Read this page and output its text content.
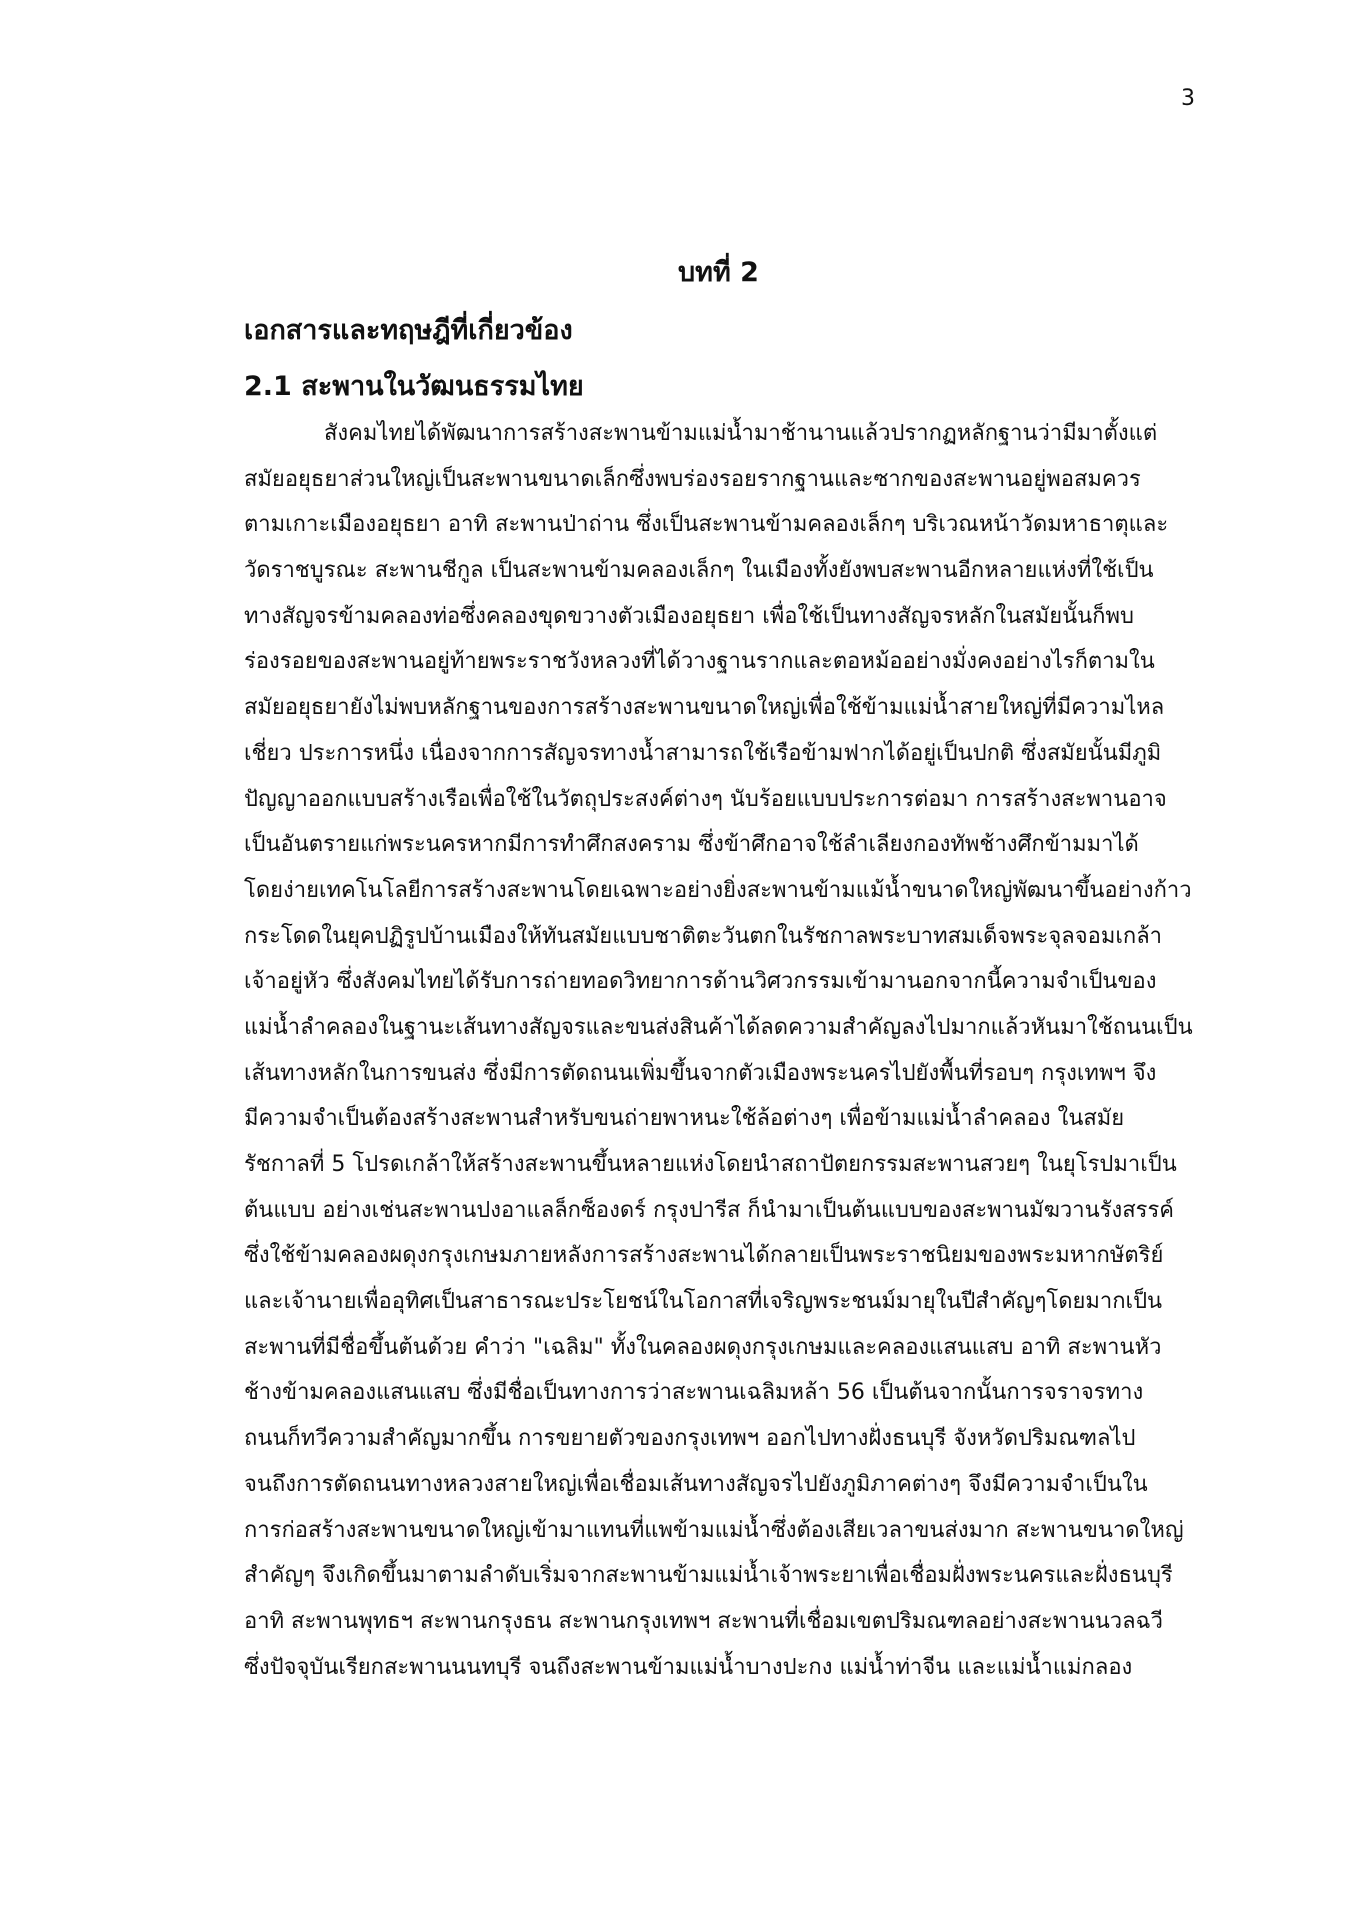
3
บทที่ 2
เอกสารและทฤษฎีที่เกี่ยวข้อง
2.1 สะพานในวัฒนธรรมไทย
สังคมไทยได้พัฒนาการสร้างสะพานข้ามแม่น้ำมาช้านานแล้วปรากฏหลักฐานว่ามีมาตั้งแต่
สมัยอยุธยาส่วนใหญ่เป็นสะพานขนาดเล็กซึ่งพบร่องรอยรากฐานและซากของสะพานอยู่พอสมควร
ตามเกาะเมืองอยุธยา อาทิ สะพานป่าถ่าน ซึ่งเป็นสะพานข้ามคลองเล็กๆ บริเวณหน้าวัดมหาธาตุและ
วัดราชบูรณะ สะพานชีกูล เป็นสะพานข้ามคลองเล็กๆ ในเมืองทั้งยังพบสะพานอีกหลายแห่งที่ใช้เป็น
ทางสัญจรข้ามคลองท่อซึ่งคลองขุดขวางตัวเมืองอยุธยา เพื่อใช้เป็นทางสัญจรหลักในสมัยนั้นก็พบ
ร่องรอยของสะพานอยู่ท้ายพระราชวังหลวงที่ได้วางฐานรากและตอหม้ออย่างมั่งคงอย่างไรก็ตามใน
สมัยอยุธยายังไม่พบหลักฐานของการสร้างสะพานขนาดใหญ่เพื่อใช้ข้ามแม่น้ำสายใหญ่ที่มีความไหล
เชี่ยว ประการหนึ่ง เนื่องจากการสัญจรทางน้ำสามารถใช้เรือข้ามฟากได้อยู่เป็นปกติ ซึ่งสมัยนั้นมีภูมิ
ปัญญาออกแบบสร้างเรือเพื่อใช้ในวัตถุประสงค์ต่างๆ นับร้อยแบบประการต่อมา การสร้างสะพานอาจ
เป็นอันตรายแก่พระนครหากมีการทำศึกสงคราม ซึ่งข้าศึกอาจใช้ลำเลียงกองทัพช้างศึกข้ามมาได้
โดยง่ายเทคโนโลยีการสร้างสะพานโดยเฉพาะอย่างยิ่งสะพานข้ามแม้น้ำขนาดใหญ่พัฒนาขึ้นอย่างก้าว
กระโดดในยุคปฏิรูปบ้านเมืองให้ทันสมัยแบบชาติตะวันตกในรัชกาลพระบาทสมเด็จพระจุลจอมเกล้า
เจ้าอยู่หัว ซึ่งสังคมไทยได้รับการถ่ายทอดวิทยาการด้านวิศวกรรมเข้ามานอกจากนี้ความจำเป็นของ
แม่น้ำลำคลองในฐานะเส้นทางสัญจรและขนส่งสินค้าได้ลดความสำคัญลงไปมากแล้วหันมาใช้ถนนเป็น
เส้นทางหลักในการขนส่ง ซึ่งมีการตัดถนนเพิ่มขึ้นจากตัวเมืองพระนครไปยังพื้นที่รอบๆ กรุงเทพฯ จึง
มีความจำเป็นต้องสร้างสะพานสำหรับขนถ่ายพาหนะใช้ล้อต่างๆ เพื่อข้ามแม่น้ำลำคลอง ในสมัย
รัชกาลที่ 5 โปรดเกล้าให้สร้างสะพานขึ้นหลายแห่งโดยนำสถาปัตยกรรมสะพานสวยๆ ในยุโรปมาเป็น
ต้นแบบ อย่างเช่นสะพานปงอาแลล็กซ็องดร์ กรุงปารีส ก็นำมาเป็นต้นแบบของสะพานมัฆวานรังสรรค์
ซึ่งใช้ข้ามคลองผดุงกรุงเกษมภายหลังการสร้างสะพานได้กลายเป็นพระราชนิยมของพระมหากษัตริย์
และเจ้านายเพื่ออุทิศเป็นสาธารณะประโยชน์ในโอกาสที่เจริญพระชนม์มายุในปีสำคัญๆโดยมากเป็น
สะพานที่มีชื่อขึ้นต้นด้วย คำว่า "เฉลิม" ทั้งในคลองผดุงกรุงเกษมและคลองแสนแสบ อาทิ สะพานหัว
ช้างข้ามคลองแสนแสบ ซึ่งมีชื่อเป็นทางการว่าสะพานเฉลิมหล้า 56 เป็นต้นจากนั้นการจราจรทาง
ถนนก็ทวีความสำคัญมากขึ้น การขยายตัวของกรุงเทพฯ ออกไปทางฝั่งธนบุรี จังหวัดปริมณฑลไป
จนถึงการตัดถนนทางหลวงสายใหญ่เพื่อเชื่อมเส้นทางสัญจรไปยังภูมิภาคต่างๆ จึงมีความจำเป็นใน
การก่อสร้างสะพานขนาดใหญ่เข้ามาแทนที่แพข้ามแม่น้ำซึ่งต้องเสียเวลาขนส่งมาก สะพานขนาดใหญ่
สำคัญๆ จึงเกิดขึ้นมาตามลำดับเริ่มจากสะพานข้ามแม่น้ำเจ้าพระยาเพื่อเชื่อมฝั่งพระนครและฝั่งธนบุรี
อาทิ สะพานพุทธฯ สะพานกรุงธน สะพานกรุงเทพฯ สะพานที่เชื่อมเขตปริมณฑลอย่างสะพานนวลฉวี
ซึ่งปัจจุบันเรียกสะพานนนทบุรี จนถึงสะพานข้ามแม่น้ำบางปะกง แม่น้ำท่าจีน และแม่น้ำแม่กลอง
